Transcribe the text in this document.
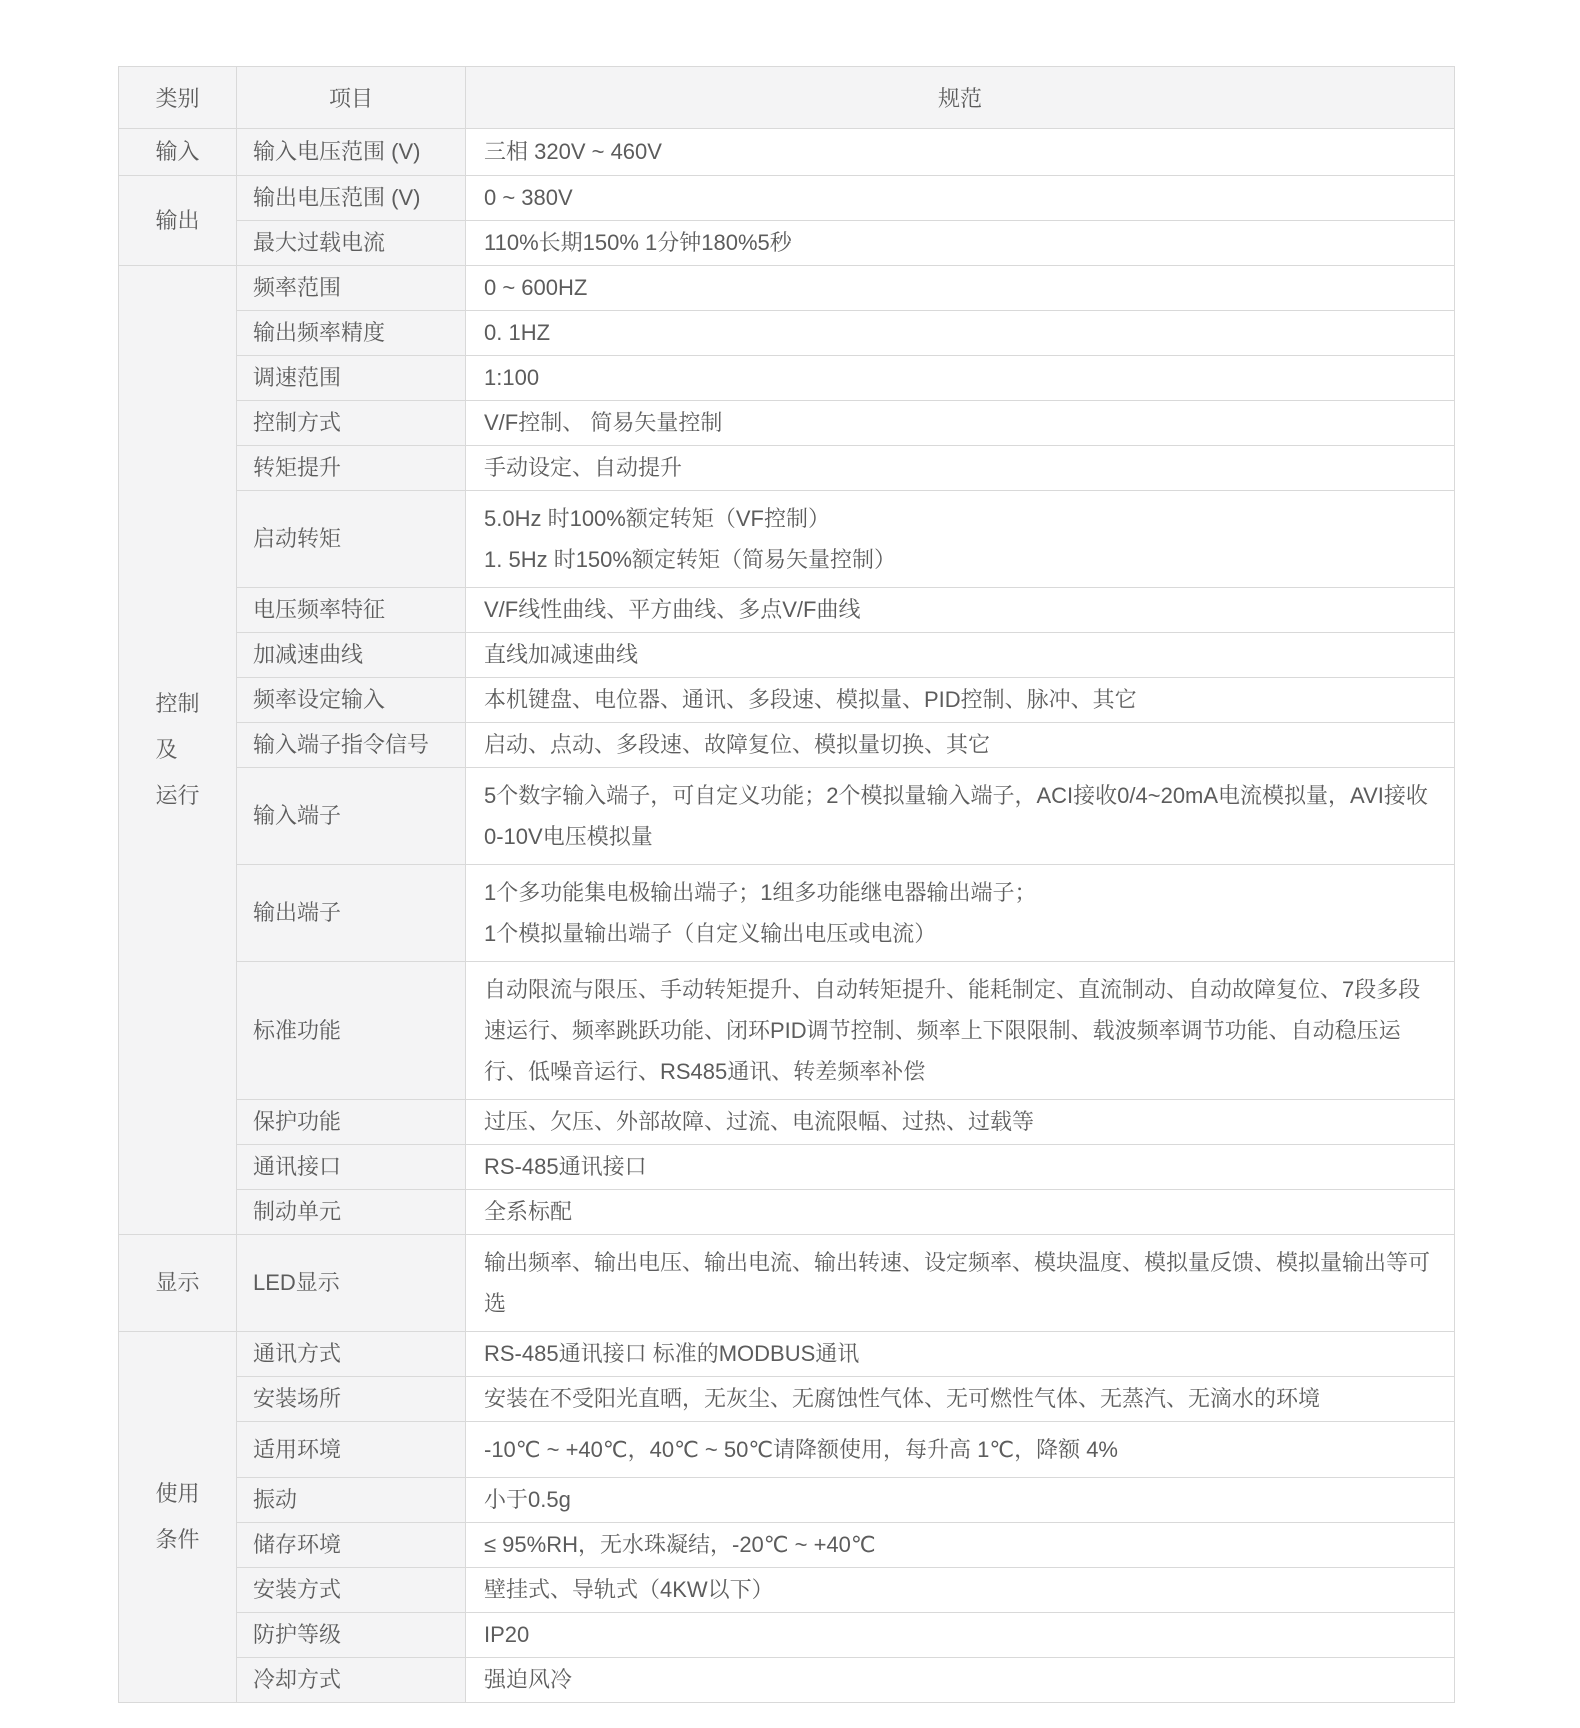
类别	项目	规范

输入	输入电压范围 (V)	三相 320V ~ 460V

输出	输出电压范围 (V)	0 ~ 380V

	最大过载电流	110%长期150% 1分钟180%5秒

控制
及
运行	频率范围	0 ~ 600HZ

	输出频率精度	0. 1HZ

	调速范围	1:100

	控制方式	V/F控制、 简易矢量控制

	转矩提升	手动设定、自动提升

	启动转矩	5.0Hz 时100%额定转矩（VF控制）
1. 5Hz 时150%额定转矩（简易矢量控制）

	电压频率特征	V/F线性曲线、平方曲线、多点V/F曲线

	加减速曲线	直线加减速曲线

	频率设定输入	本机键盘、电位器、通讯、多段速、模拟量、PID控制、脉冲、其它

	输入端子指令信号	启动、点动、多段速、故障复位、模拟量切换、其它

	输入端子	5个数字输入端子，可自定义功能；2个模拟量输入端子，ACI接收0/4~20mA电流模拟量，AVI接收0-10V电压模拟量

	输出端子	1个多功能集电极输出端子；1组多功能继电器输出端子；
1个模拟量输出端子（自定义输出电压或电流）

	标准功能	自动限流与限压、手动转矩提升、自动转矩提升、能耗制定、直流制动、自动故障复位、7段多段速运行、频率跳跃功能、闭环PID调节控制、频率上下限限制、载波频率调节功能、自动稳压运行、低噪音运行、RS485通讯、转差频率补偿

	保护功能	过压、欠压、外部故障、过流、电流限幅、过热、过载等

	通讯接口	RS-485通讯接口

	制动单元	全系标配

显示	LED显示	输出频率、输出电压、输出电流、输出转速、设定频率、模块温度、模拟量反馈、模拟量输出等可选

使用
条件	通讯方式	RS-485通讯接口 标准的MODBUS通讯

	安装场所	安装在不受阳光直晒，无灰尘、无腐蚀性气体、无可燃性气体、无蒸汽、无滴水的环境

	适用环境	-10℃ ~ +40℃，40℃ ~ 50℃请降额使用，每升高 1℃，降额 4%

	振动	小于0.5g

	储存环境	≤ 95%RH，无水珠凝结，-20℃ ~ +40℃

	安装方式	壁挂式、导轨式（4KW以下）

	防护等级	IP20

	冷却方式	强迫风冷
